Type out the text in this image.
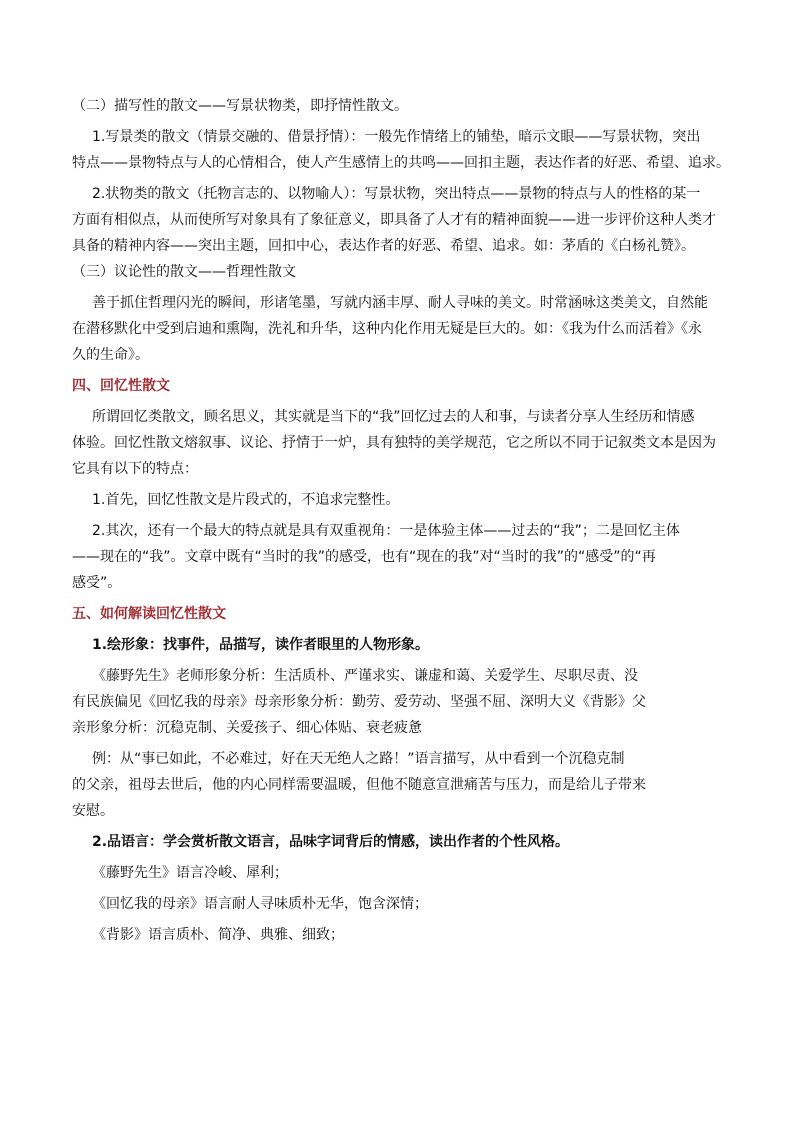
（二）描写性的散文——写景状物类，即抒情性散文。
1.写景类的散文（情景交融的、借景抒情）：一般先作情绪上的铺垫，暗示文眼——写景状物，突出
特点——景物特点与人的心情相合，使人产生感情上的共鸣——回扣主题，表达作者的好恶、希望、追求。
2.状物类的散文（托物言志的、以物喻人）：写景状物，突出特点——景物的特点与人的性格的某一
方面有相似点，从而使所写对象具有了象征意义，即具备了人才有的精神面貌——进一步评价这种人类才
具备的精神内容——突出主题，回扣中心，表达作者的好恶、希望、追求。如：茅盾的《白杨礼赞》。
（三）议论性的散文——哲理性散文
善于抓住哲理闪光的瞬间，形诸笔墨，写就内涵丰厚、耐人寻味的美文。时常涵咏这类美文，自然能
在潜移默化中受到启迪和熏陶，洗礼和升华，这种内化作用无疑是巨大的。如：《我为什么而活着》《永
久的生命》。
四、回忆性散文
所谓回忆类散文，顾名思义，其实就是当下的“我”回忆过去的人和事，与读者分享人生经历和情感
体验。回忆性散文熔叙事、议论、抒情于一炉，具有独特的美学规范，它之所以不同于记叙类文本是因为
它具有以下的特点：
1.首先，回忆性散文是片段式的，不追求完整性。
2.其次，还有一个最大的特点就是具有双重视角：一是体验主体——过去的“我”；二是回忆主体
——现在的“我”。文章中既有“当时的我”的感受，也有“现在的我”对“当时的我”的“感受”的“再
感受”。
五、如何解读回忆性散文
1.绘形象：找事件，品描写，读作者眼里的人物形象。
《藤野先生》老师形象分析：生活质朴、严谨求实、谦虚和蔼、关爱学生、尽职尽责、没
有民族偏见《回忆我的母亲》母亲形象分析：勤劳、爱劳动、坚强不屈、深明大义《背影》父
亲形象分析：沉稳克制、关爱孩子、细心体贴、衰老疲惫
例：从“事已如此，不必难过，好在天无绝人之路！”语言描写，从中看到一个沉稳克制
的父亲，祖母去世后，他的内心同样需要温暖，但他不随意宣泄痛苦与压力，而是给儿子带来
安慰。
2.品语言：学会赏析散文语言，品味字词背后的情感，读出作者的个性风格。
《藤野先生》语言冷峻、犀利；
《回忆我的母亲》语言耐人寻味质朴无华，饱含深情；
《背影》语言质朴、简净、典雅、细致；
